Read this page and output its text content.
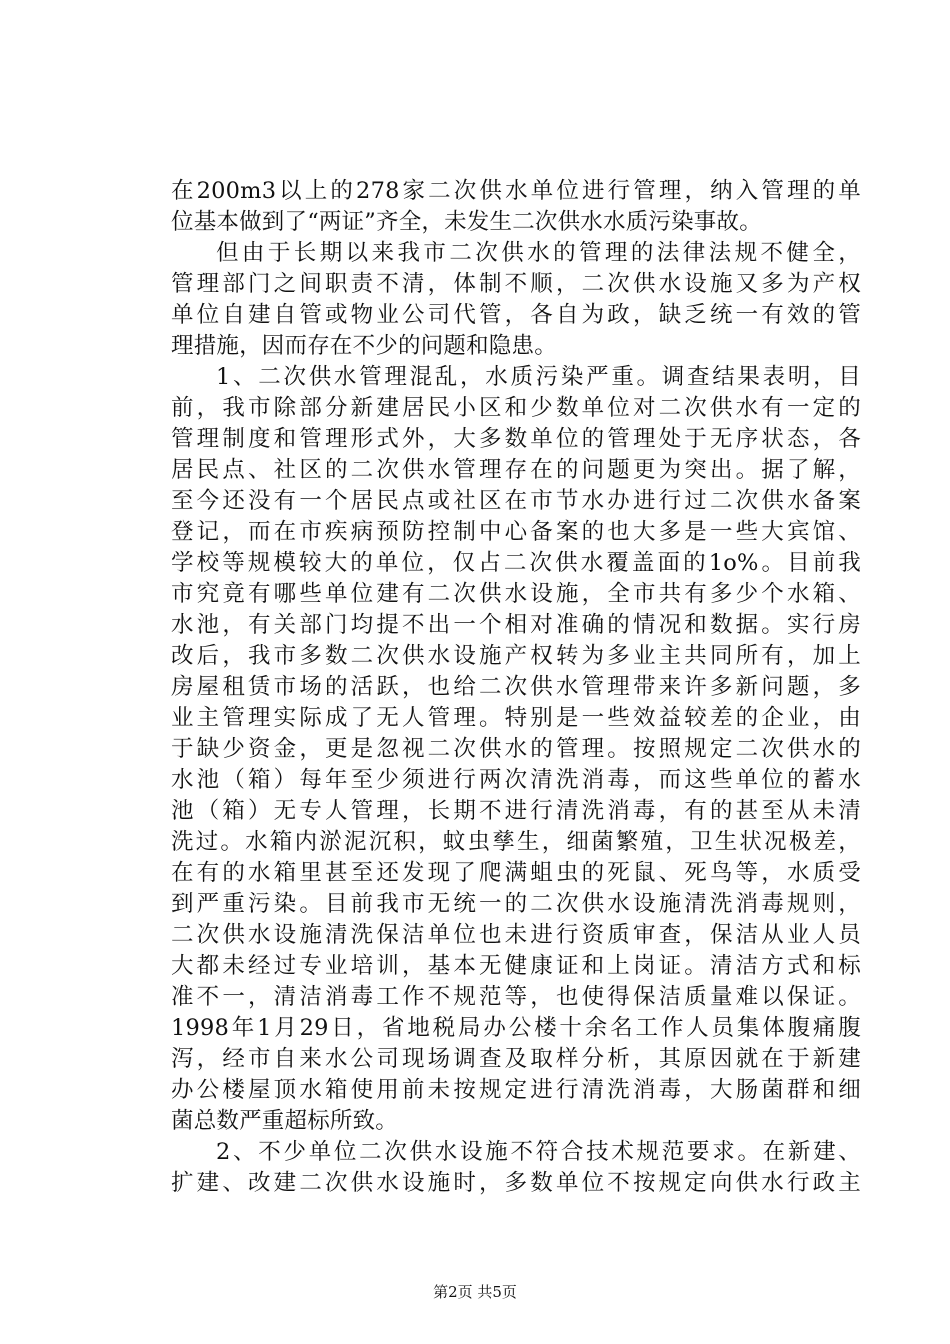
在200m3以上的278家二次供水单位进行管理，纳入管理的单
位基本做到了“两证”齐全，未发生二次供水水质污染事故。
但由于长期以来我市二次供水的管理的法律法规不健全，
管理部门之间职责不清，体制不顺，二次供水设施又多为产权
单位自建自管或物业公司代管，各自为政，缺乏统一有效的管
理措施，因而存在不少的问题和隐患。
1、二次供水管理混乱，水质污染严重。调查结果表明，目
前，我市除部分新建居民小区和少数单位对二次供水有一定的
管理制度和管理形式外，大多数单位的管理处于无序状态，各
居民点、社区的二次供水管理存在的问题更为突出。据了解，
至今还没有一个居民点或社区在市节水办进行过二次供水备案
登记，而在市疾病预防控制中心备案的也大多是一些大宾馆、
学校等规模较大的单位，仅占二次供水覆盖面的1o%。目前我
市究竟有哪些单位建有二次供水设施，全市共有多少个水箱、
水池，有关部门均提不出一个相对准确的情况和数据。实行房
改后，我市多数二次供水设施产权转为多业主共同所有，加上
房屋租赁市场的活跃，也给二次供水管理带来许多新问题，多
业主管理实际成了无人管理。特别是一些效益较差的企业，由
于缺少资金，更是忽视二次供水的管理。按照规定二次供水的
水池（箱）每年至少须进行两次清洗消毒，而这些单位的蓄水
池（箱）无专人管理，长期不进行清洗消毒，有的甚至从未清
洗过。水箱内淤泥沉积，蚊虫孳生，细菌繁殖，卫生状况极差，
在有的水箱里甚至还发现了爬满蛆虫的死鼠、死鸟等，水质受
到严重污染。目前我市无统一的二次供水设施清洗消毒规则，
二次供水设施清洗保洁单位也未进行资质审查，保洁从业人员
大都未经过专业培训，基本无健康证和上岗证。清洁方式和标
准不一，清洁消毒工作不规范等，也使得保洁质量难以保证。
1998年1月29日，省地税局办公楼十余名工作人员集体腹痛腹
泻，经市自来水公司现场调查及取样分析，其原因就在于新建
办公楼屋顶水箱使用前未按规定进行清洗消毒，大肠菌群和细
菌总数严重超标所致。
2、不少单位二次供水设施不符合技术规范要求。在新建、
扩建、改建二次供水设施时，多数单位不按规定向供水行政主
第2页 共5页
